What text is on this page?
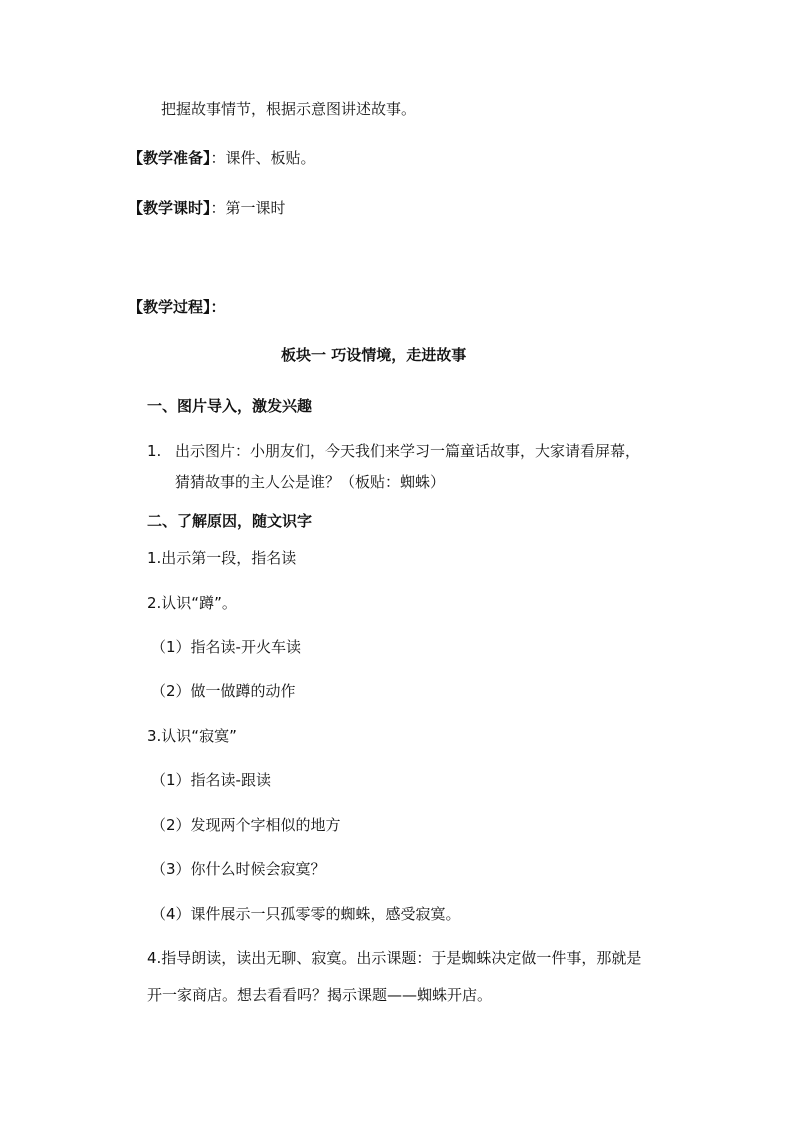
把握故事情节，根据示意图讲述故事。
【教学准备】：课件、板贴。
【教学课时】：第一课时
【教学过程】：
板块一 巧设情境，走进故事
一、图片导入，激发兴趣
1. 出示图片：小朋友们，今天我们来学习一篇童话故事，大家请看屏幕，
猜猜故事的主人公是谁？（板贴：蜘蛛）
二、了解原因，随文识字
1.出示第一段，指名读
2.认识“蹲”。
（1）指名读-开火车读
（2）做一做蹲的动作
3.认识“寂寞”
（1）指名读-跟读
（2）发现两个字相似的地方
（3）你什么时候会寂寞？
（4）课件展示一只孤零零的蜘蛛，感受寂寞。
4.指导朗读，读出无聊、寂寞。出示课题：于是蜘蛛决定做一件事，那就是
开一家商店。想去看看吗？揭示课题——蜘蛛开店。
